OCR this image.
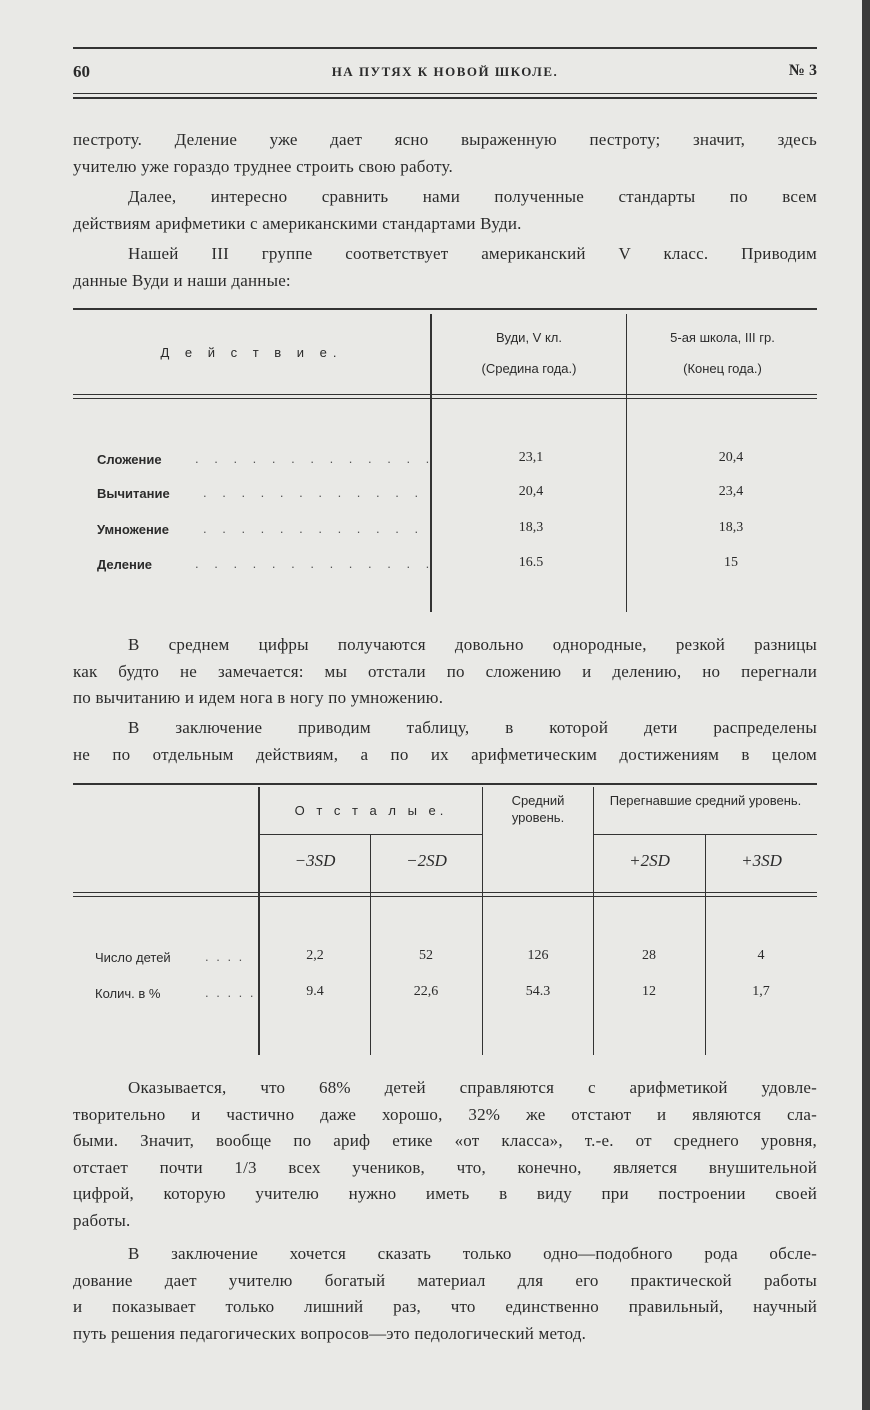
60	НА ПУТЯХ К НОВОЙ ШКОЛЕ.	№ 3
пестроту. Деление уже дает ясно выраженную пестроту; значит, здесь
учителю уже гораздо труднее строить свою работу.
Далее, интересно сравнить нами полученные стандарты по всем
действиям арифметики с американскими стандартами Вуди.
Нашей III группе соответствует американский V класс. Приводим
данные Вуди и наши данные:
Д е й с т в и е.
Вуди, V кл.
(Средина года.)
5-ая школа, III гр.
(Конец года.)
Сложение	. . . . . . . . . . . . .	23,1	20,4
Вычитание	. . . . . . . . . . . .	20,4	23,4
Умножение	. . . . . . . . . . . .	18,3	18,3
Деление	. . . . . . . . . . . . .	16.5	15
В среднем цифры получаются довольно однородные, резкой разницы
как будто не замечается: мы отстали по сложению и делению, но перегнали
по вычитанию и идем нога в ногу по умножению.
В заключение приводим таблицу, в которой дети распределены
не по отдельным действиям, а по их арифметическим достижениям в целом
О т с т а л ы е.
Средний уровень.
Перегнавшие средний уровень.
−3SD	−2SD	+2SD	+3SD
Число детей	. . . .	2,2	52	126	28	4
Колич. в %	. . . . .	9.4	22,6	54.3	12	1,7
Оказывается, что 68% детей справляются с арифметикой удовле-
творительно и частично даже хорошо, 32% же отстают и являются сла-
быми. Значит, вообще по ариф етике «от класса», т.-е. от среднего уровня,
отстает почти 1/3 всех учеников, что, конечно, является внушительной
цифрой, которую учителю нужно иметь в виду при построении своей
работы.
В заключение хочется сказать только одно—подобного рода обсле-
дование дает учителю богатый материал для его практической работы
и показывает только лишний раз, что единственно правильный, научный
путь решения педагогических вопросов—это педологический метод.
